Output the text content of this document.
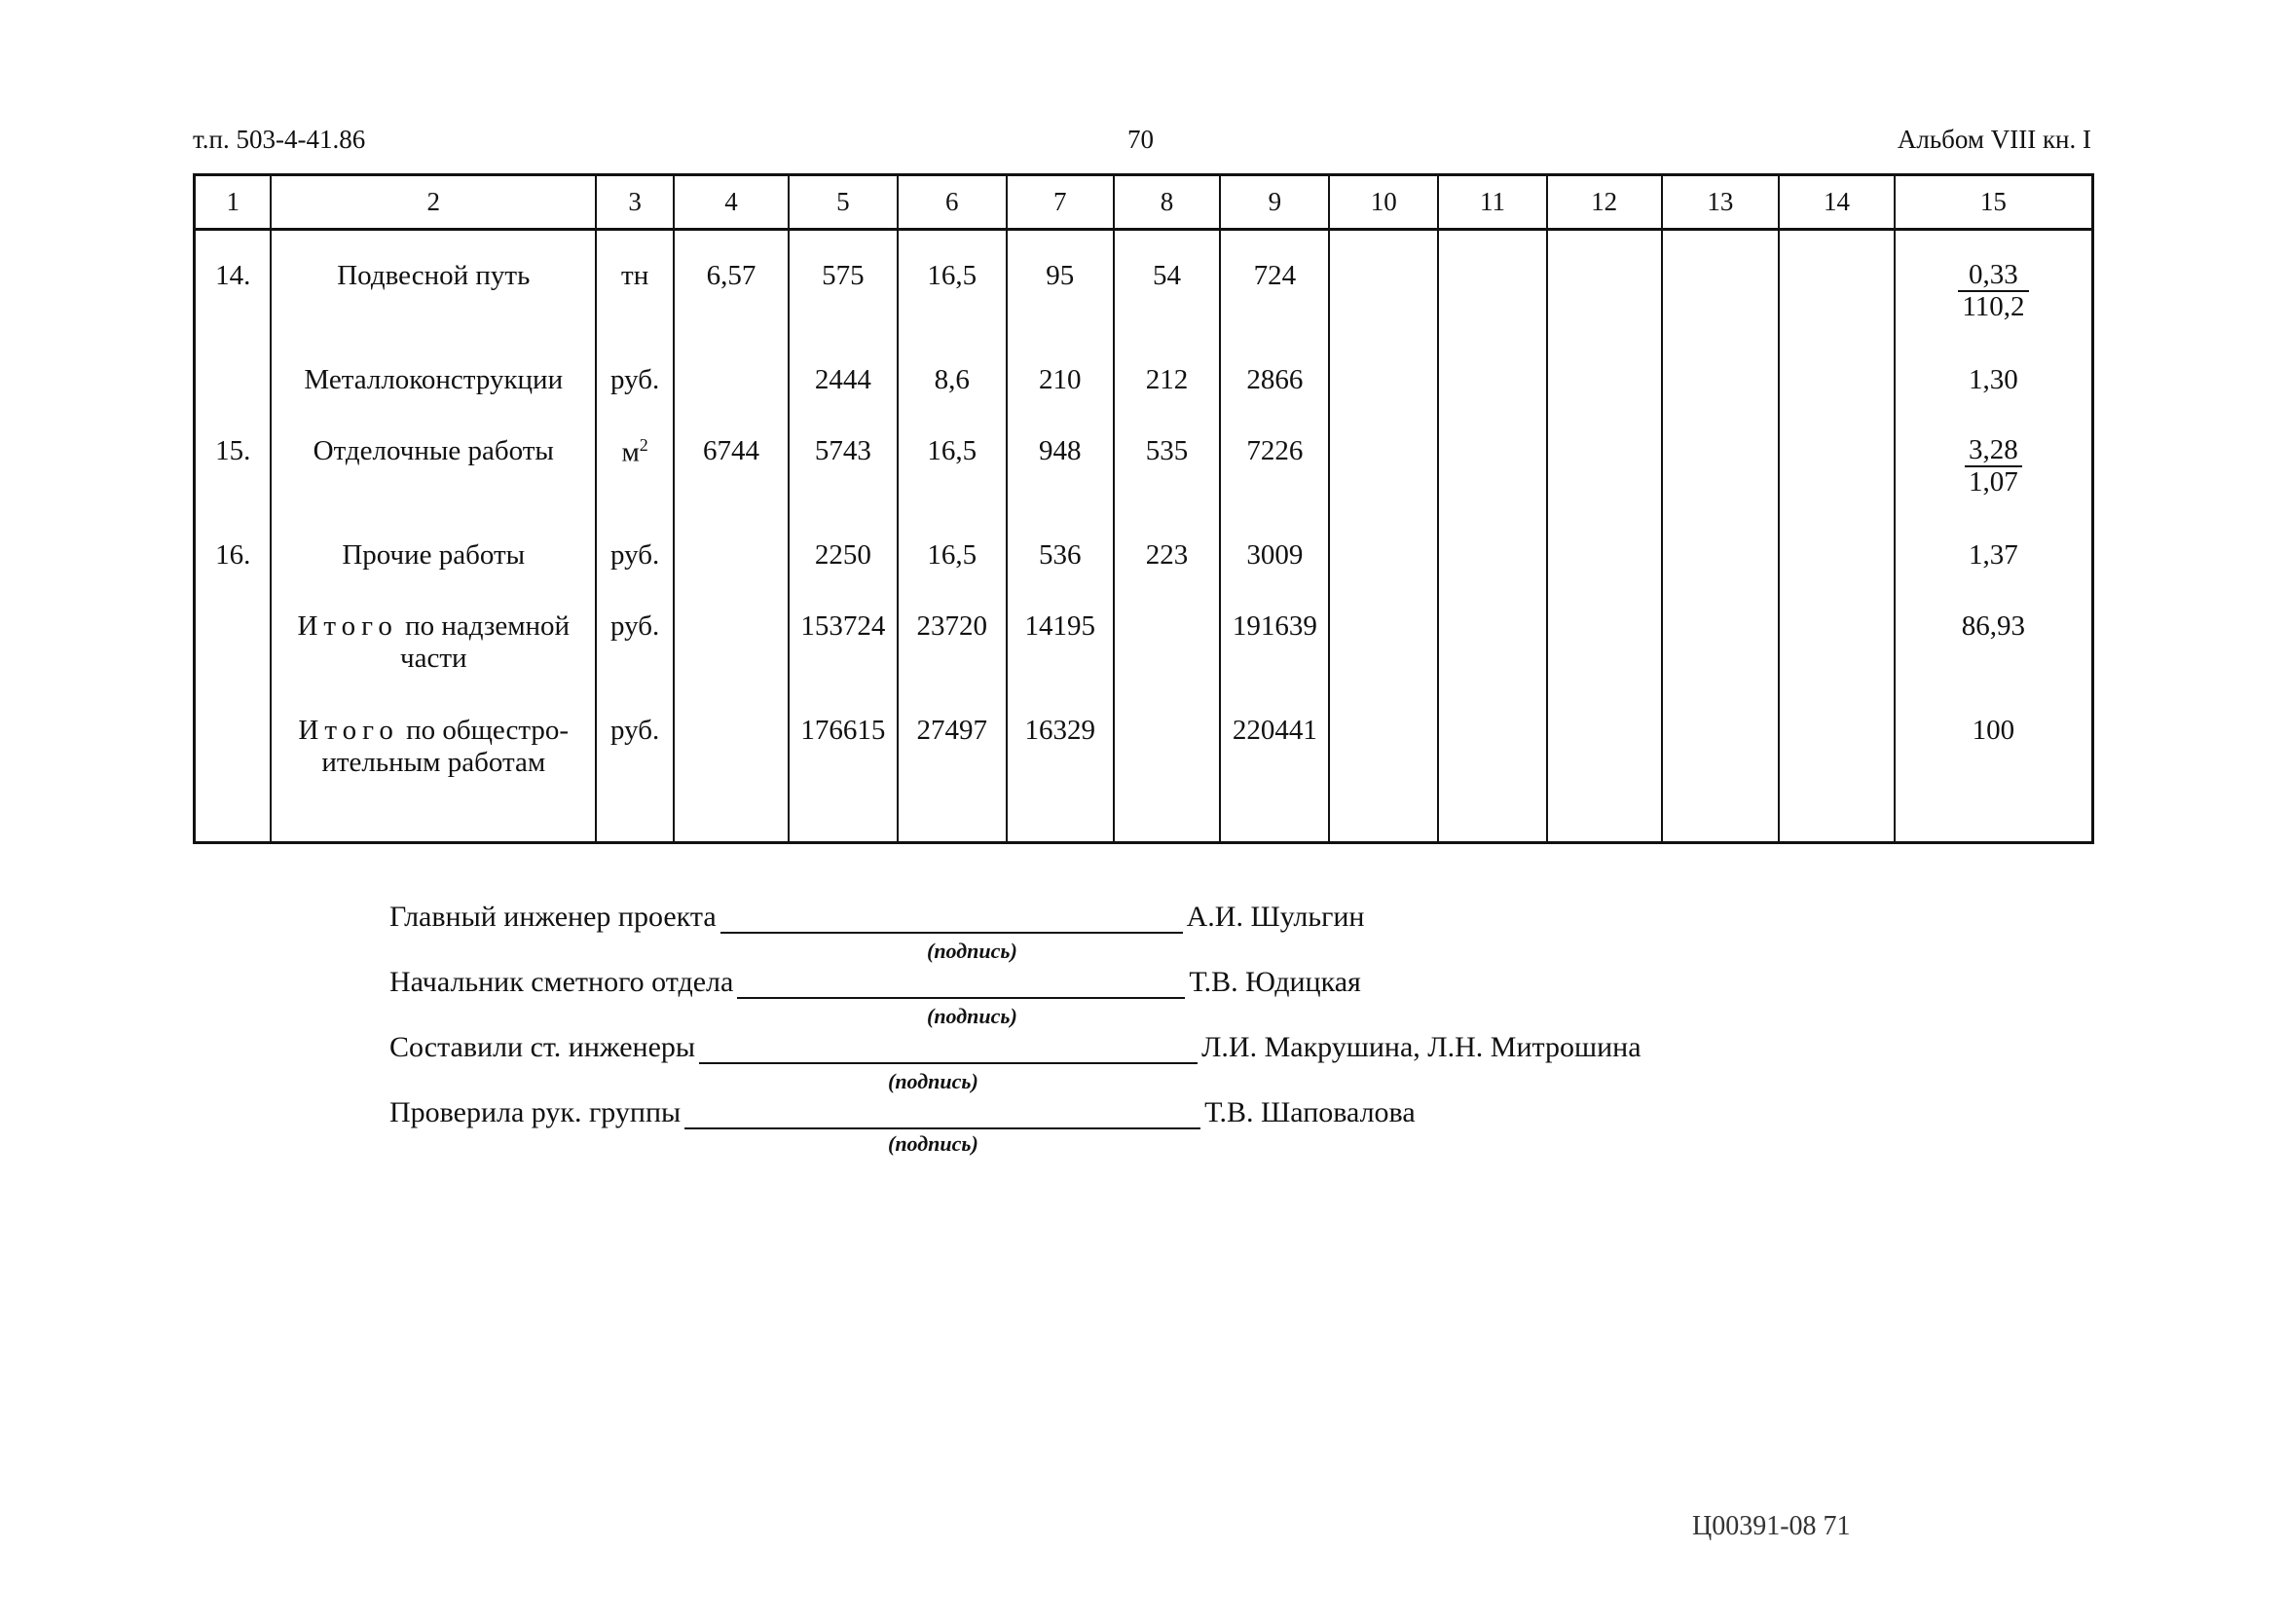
т.п. 503-4-41.86	70	Альбом VIII кн. I
1	2	3	4	5	6	7	8	9	10	11	12	13	14	15
14.	Подвесной путь	тн	6,57	575	16,5	95	54	724						$\frac{0,33}{110,2}$

	Металлоконструкции	руб.		2444	8,6	210	212	2866						1,30
15.	Отделочные работы	$м^2$	6744	5743	16,5	948	535	7226						$\frac{3,28}{1,07}$

16.	Прочие работы	руб.		2250	16,5	536	223	3009						1,37
	Итого по надземной части	руб.		153724	23720	14195		191639						86,93
	Итого по общестро-ительным работам	руб.		176615	27497	16329		220441						100
Главный инженер проекта	А.И. Шульгин
(подпись)
Начальник сметного отдела	Т.В. Юдицкая
(подпись)
Составили ст. инженеры	Л.И. Макрушина, Л.Н. Митрошина
(подпись)
Проверила рук. группы	Т.В. Шаповалова
(подпись)
Ц00391-08 71
